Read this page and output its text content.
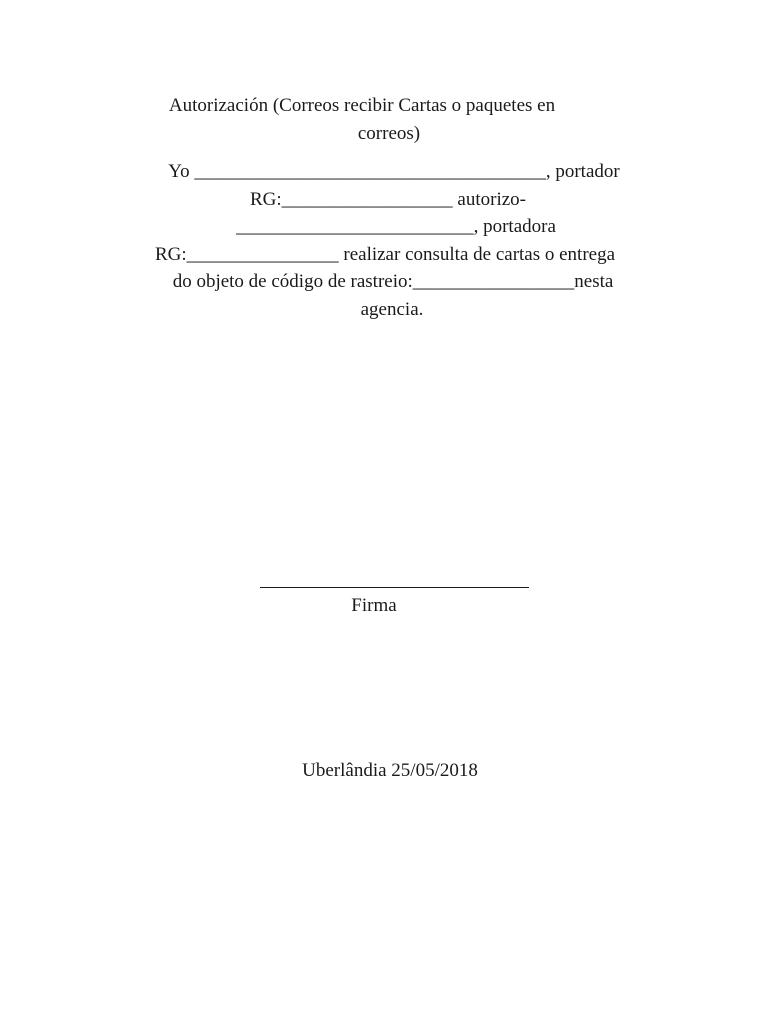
Autorización (Correos recibir Cartas o paquetes en
correos)
Yo _____________________________________, portador
RG:__________________ autorizo-
_________________________, portadora
RG:________________ realizar consulta de cartas o entrega
do objeto de código de rastreio:_________________nesta
agencia.
Firma
Uberlândia 25/05/2018
